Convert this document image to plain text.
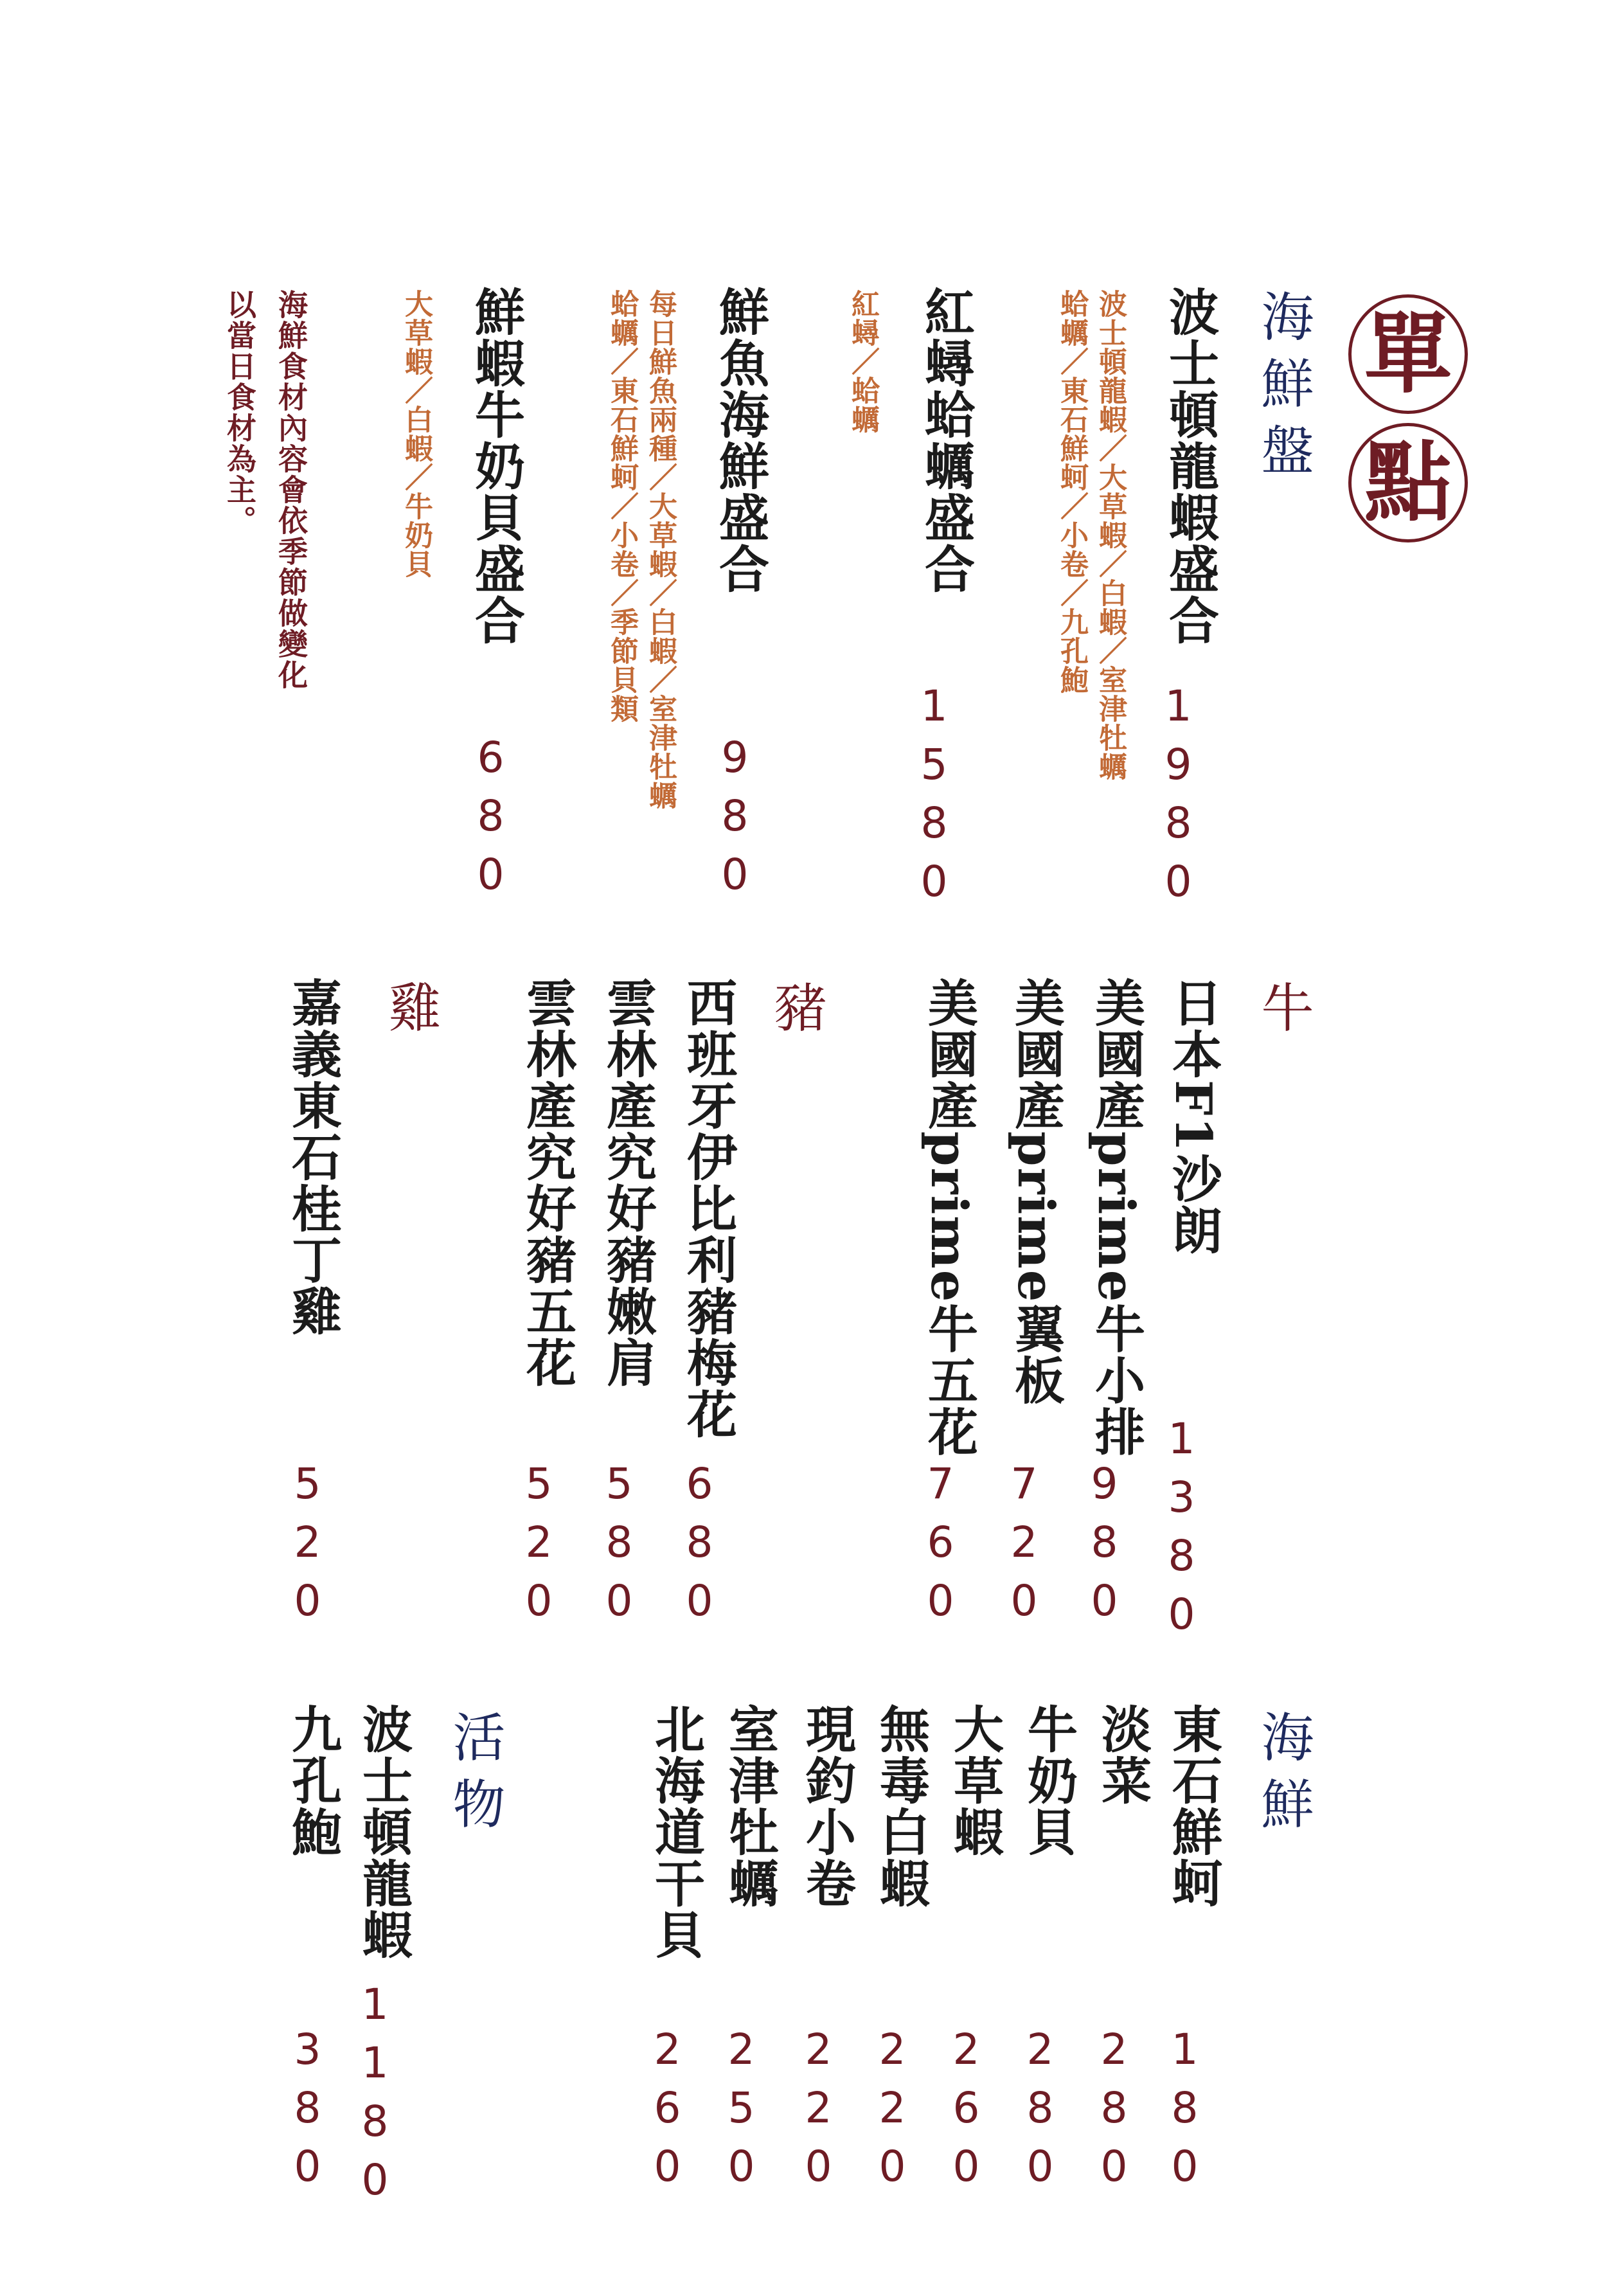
單
點
海鮮盤
波士頓龍蝦盛合
1980
波士頓龍蝦／大草蝦／白蝦／室津牡蠣
蛤蠣／東石鮮蚵／小卷／九孔鮑
紅蟳蛤蠣盛合
1580
紅蟳／蛤蠣
鮮魚海鮮盛合
980
每日鮮魚兩種／大草蝦／白蝦／室津牡蠣
蛤蠣／東石鮮蚵／小卷／季節貝類
鮮蝦牛奶貝盛合
680
大草蝦／白蝦／牛奶貝
海鮮食材內容會依季節做變化
以當日食材為主。
牛
日本F1沙朗
1380
美國產prime牛小排
980
美國產prime翼板
720
美國產prime牛五花
760
豬
西班牙伊比利豬梅花
680
雲林產究好豬嫩肩
580
雲林產究好豬五花
520
雞
嘉義東石桂丁雞
520
海鮮
東石鮮蚵
180
淡菜
280
牛奶貝
280
大草蝦
260
無毒白蝦
220
現釣小卷
220
室津牡蠣
250
北海道干貝
260
活物
波士頓龍蝦
1180
九孔鮑
380
